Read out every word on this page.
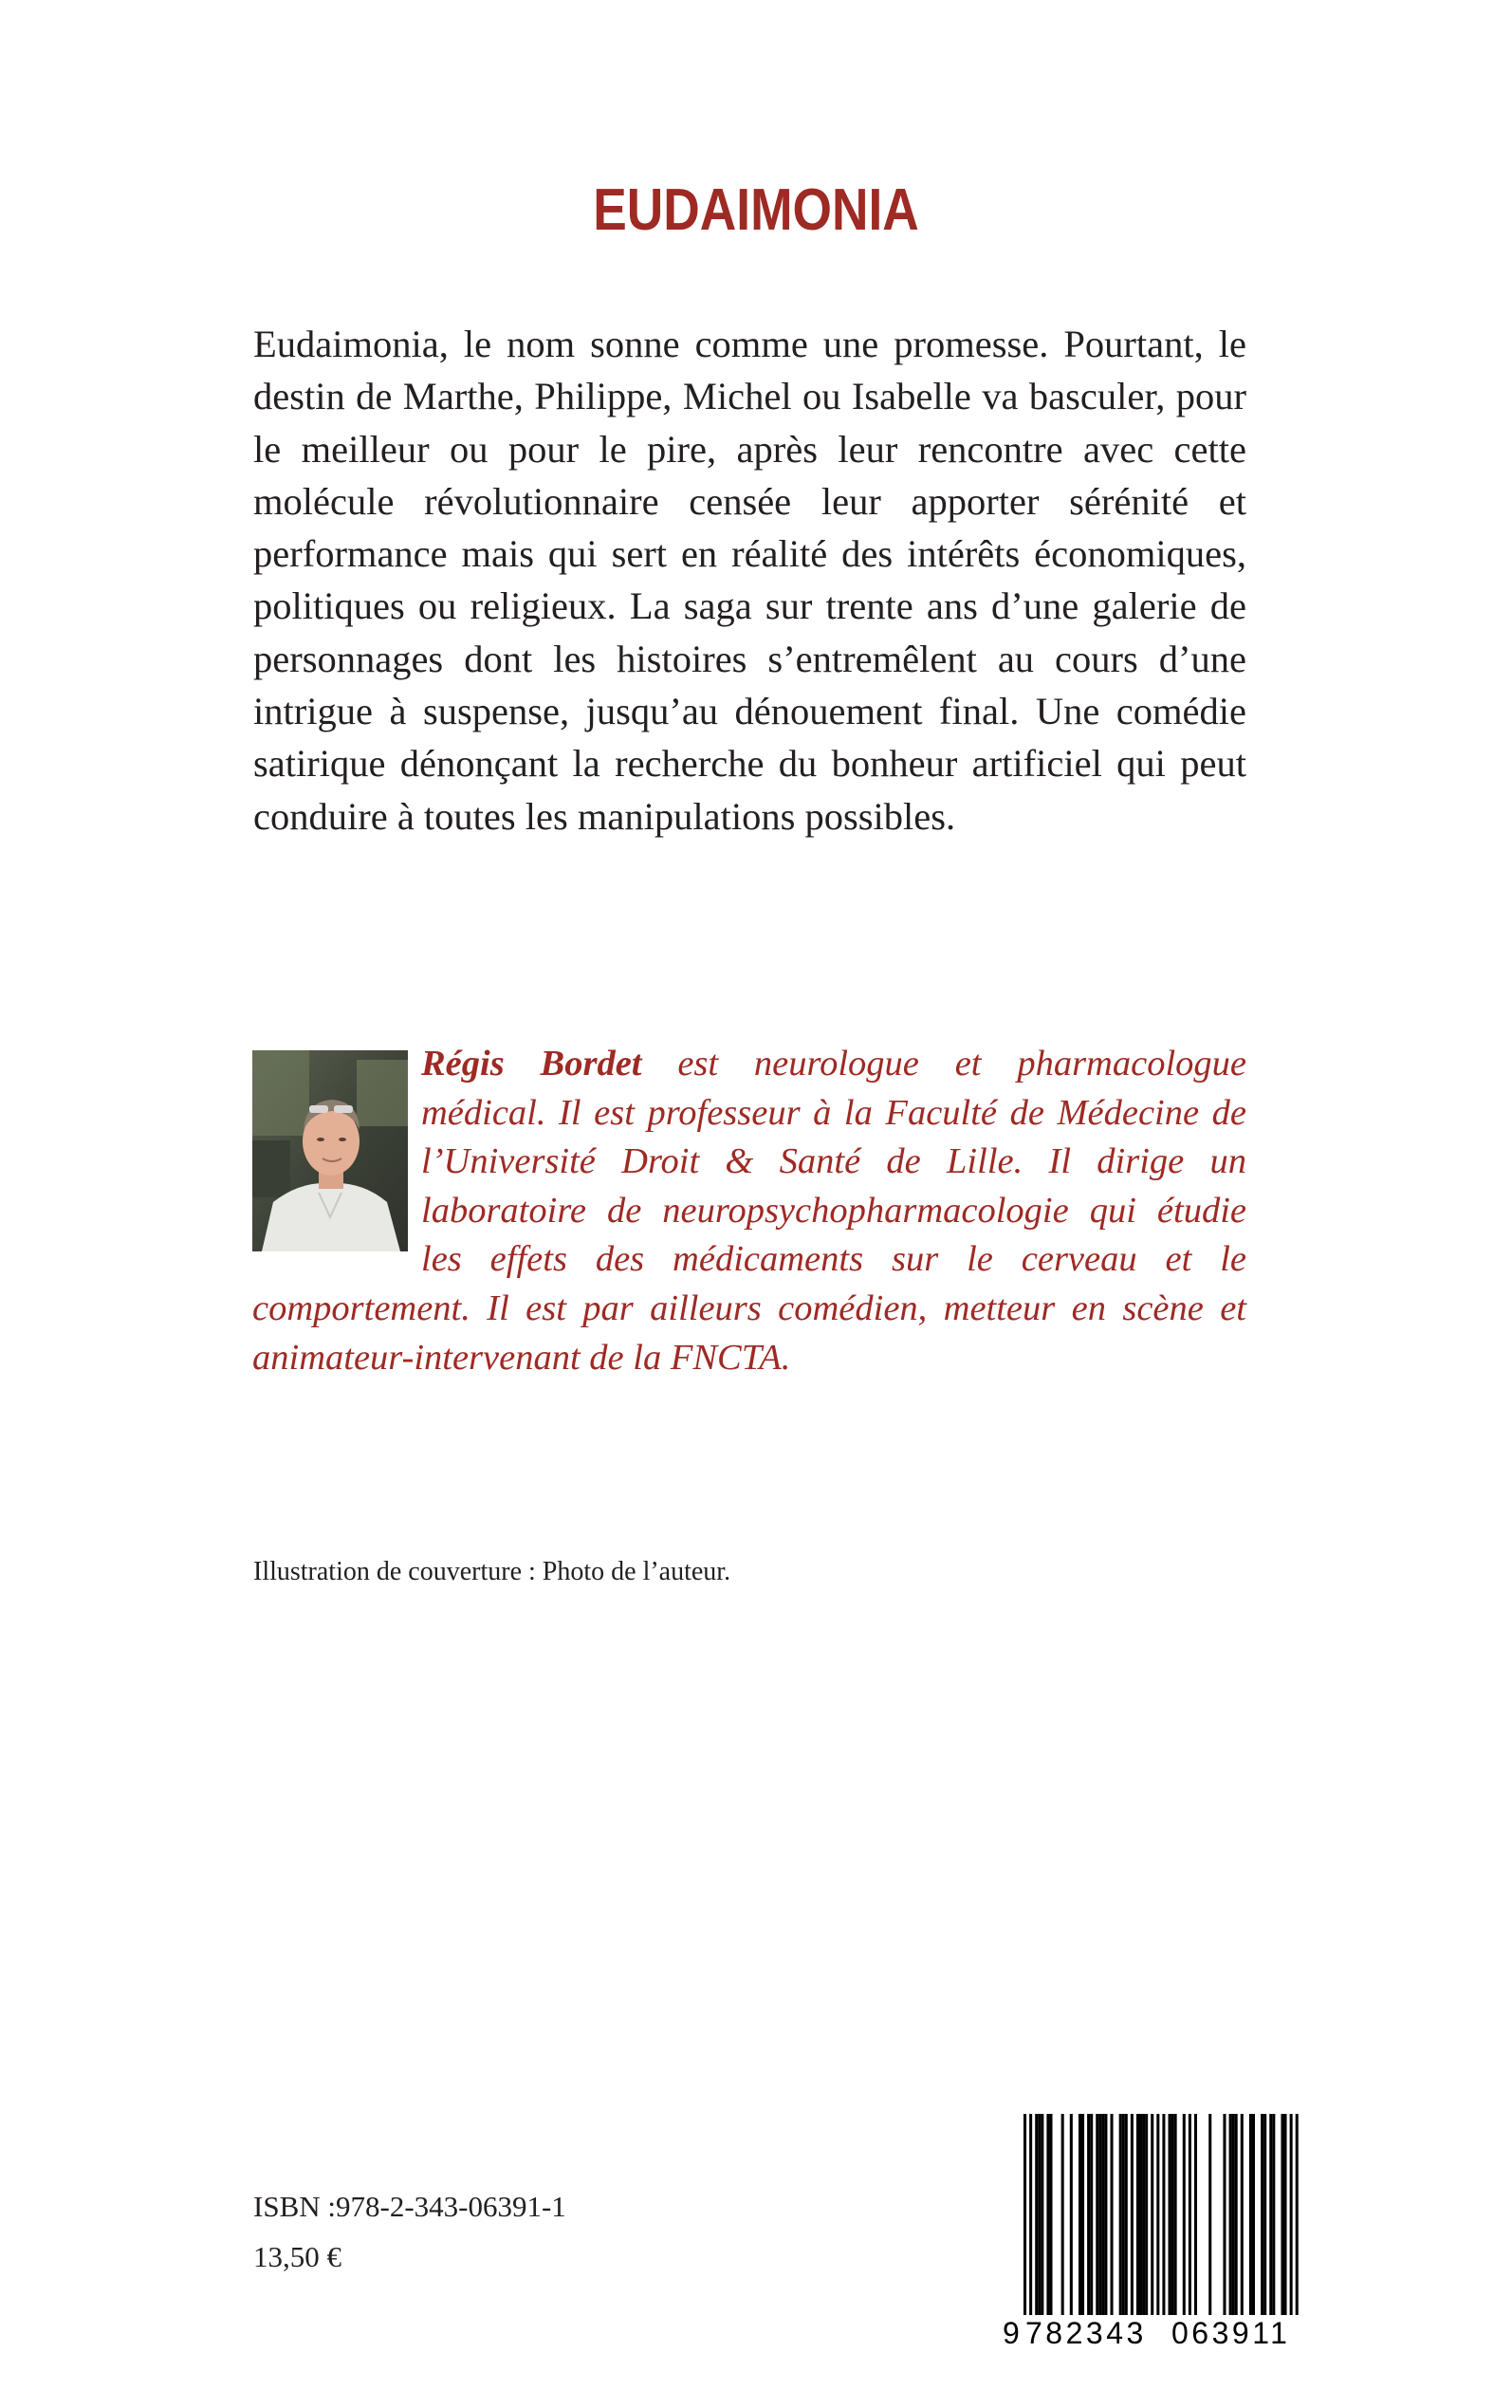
EUDAIMONIA
Eudaimonia, le nom sonne comme une promesse. Pourtant, le destin de Marthe, Philippe, Michel ou Isabelle va basculer, pour le meilleur ou pour le pire, après leur rencontre avec cette molécule révolutionnaire censée leur apporter sérénité et performance mais qui sert en réalité des intérêts économiques, politiques ou religieux. La saga sur trente ans d’une galerie de personnages dont les histoires s’entremêlent au cours d’une intrigue à suspense, jusqu’au dénouement final. Une comédie satirique dénonçant la recherche du bonheur artificiel qui peut conduire à toutes les manipulations possibles.
Régis Bordet est neurologue et pharmacologue médical. Il est professeur à la Faculté de Médecine de l’Université Droit & Santé de Lille. Il dirige un laboratoire de neuropsychopharmacologie qui étudie les effets des médicaments sur le cerveau et le comportement. Il est par ailleurs comédien, metteur en scène et animateur-intervenant de la FNCTA.
Illustration de couverture : Photo de l’auteur.
ISBN :978-2-343-06391-1
13,50 €
9 782343 063911
